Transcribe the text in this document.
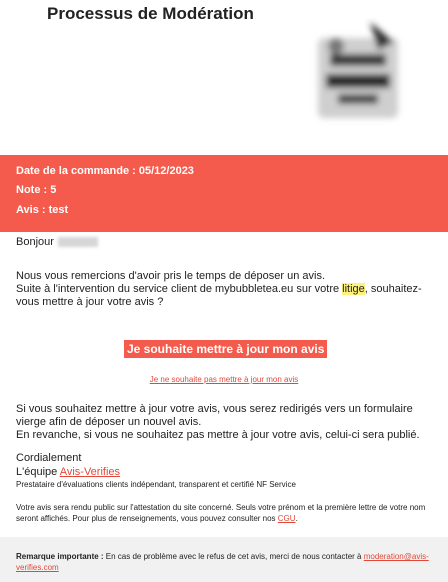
Processus de Modération
Date de la commande : 05/12/2023
Note : 5
Avis : test
Bonjour
Nous vous remercions d'avoir pris le temps de déposer un avis.
Suite à l'intervention du service client de mybubbletea.eu sur votre litige, souhaitez-vous mettre à jour votre avis ?
Je souhaite mettre à jour mon avis
Je ne souhaite pas mettre à jour mon avis
Si vous souhaitez mettre à jour votre avis, vous serez redirigés vers un formulaire vierge afin de déposer un nouvel avis.
En revanche, si vous ne souhaitez pas mettre à jour votre avis, celui-ci sera publié.
Cordialement
L'équipe Avis-Verifies
Prestataire d'évaluations clients indépendant, transparent et certifié NF Service
Votre avis sera rendu public sur l'attestation du site concerné. Seuls votre prénom et la première lettre de votre nom seront affichés. Pour plus de renseignements, vous pouvez consulter nos CGU.
Remarque importante : En cas de problème avec le refus de cet avis, merci de nous contacter à moderation@avis-verifies.com
